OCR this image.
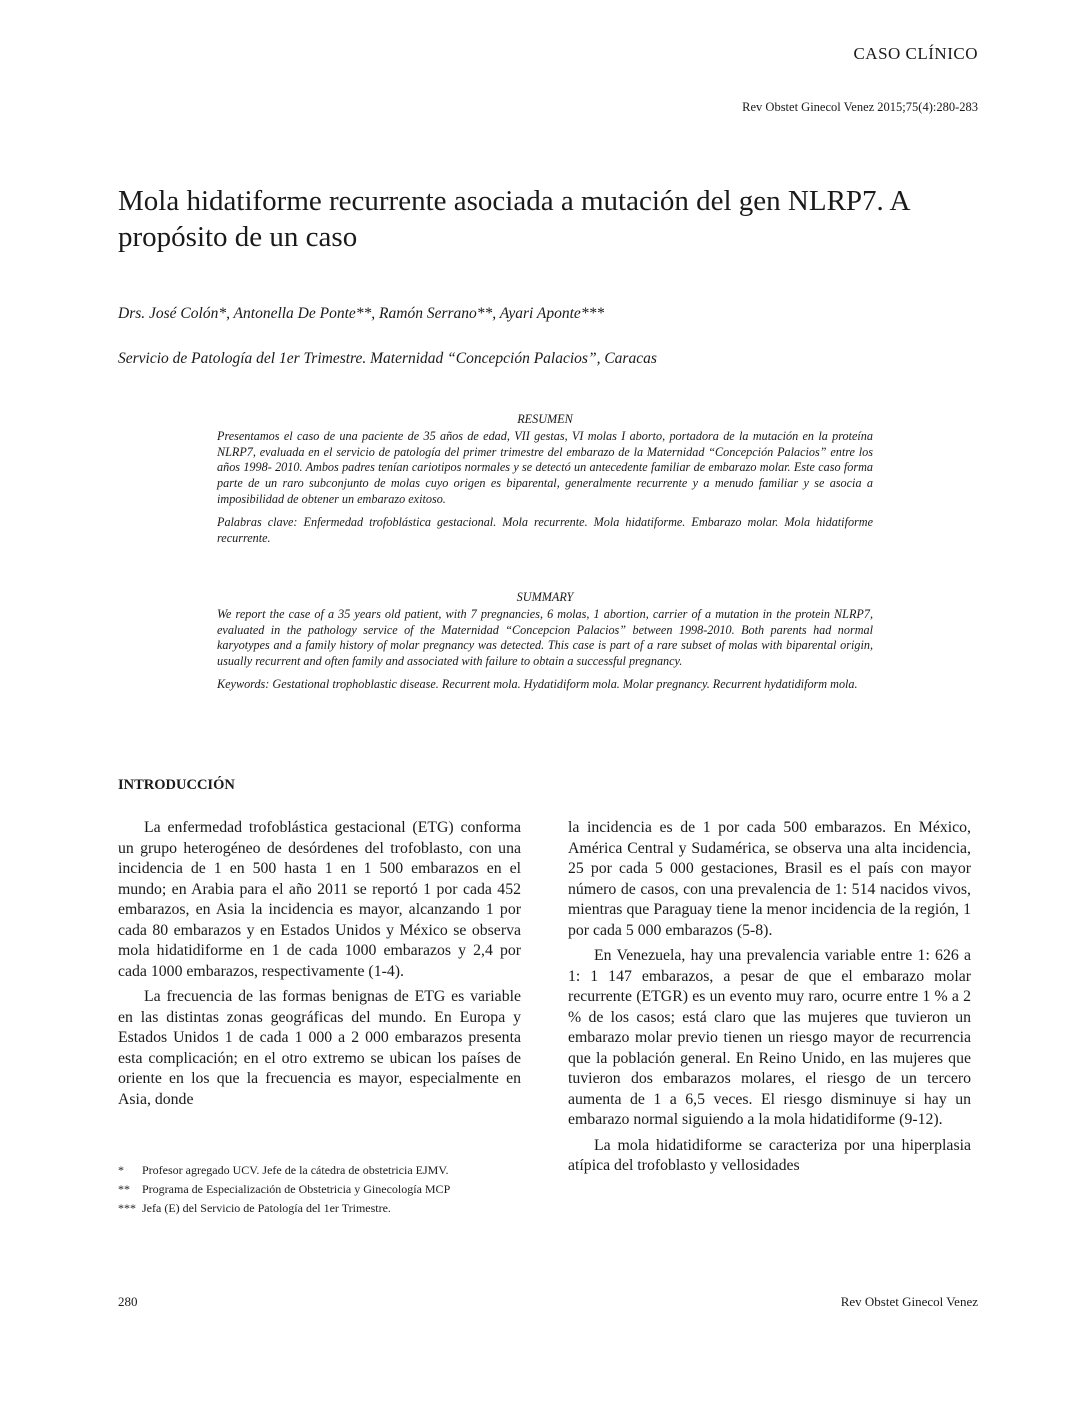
CASO CLÍNICO
Rev Obstet Ginecol Venez 2015;75(4):280-283
Mola hidatiforme recurrente asociada a mutación del gen NLRP7. A propósito de un caso
Drs. José Colón*, Antonella De Ponte**, Ramón Serrano**, Ayari Aponte***
Servicio de Patología del 1er Trimestre. Maternidad “Concepción Palacios”, Caracas
RESUMEN

Presentamos el caso de una paciente de 35 años de edad, VII gestas, VI molas I aborto, portadora de la mutación en la proteína NLRP7, evaluada en el servicio de patología del primer trimestre del embarazo de la Maternidad “Concepción Palacios” entre los años 1998- 2010. Ambos padres tenían cariotipos normales y se detectó un antecedente familiar de embarazo molar. Este caso forma parte de un raro subconjunto de molas cuyo origen es biparental, generalmente recurrente y a menudo familiar y se asocia a imposibilidad de obtener un embarazo exitoso.

Palabras clave: Enfermedad trofoblástica gestacional. Mola recurrente. Mola hidatiforme. Embarazo molar. Mola hidatiforme recurrente.

SUMMARY

We report the case of a 35 years old patient, with 7 pregnancies, 6 molas, 1 abortion, carrier of a mutation in the protein NLRP7, evaluated in the pathology service of the Maternidad “Concepcion Palacios” between 1998-2010. Both parents had normal karyotypes and a family history of molar pregnancy was detected. This case is part of a rare subset of molas with biparental origin, usually recurrent and often family and associated with failure to obtain a successful pregnancy.

Keywords: Gestational trophoblastic disease. Recurrent mola. Hydatidiform mola. Molar pregnancy. Recurrent hydatidiform mola.

INTRODUCCIÓN

La enfermedad trofoblástica gestacional (ETG) conforma un grupo heterogéneo de desórdenes del trofoblasto, con una incidencia de 1 en 500 hasta 1 en 1 500 embarazos en el mundo; en Arabia para el año 2011 se reportó 1 por cada 452 embarazos, en Asia la incidencia es mayor, alcanzando 1 por cada 80 embarazos y en Estados Unidos y México se observa mola hidatidiforme en 1 de cada 1000 embarazos y 2,4 por cada 1000 embarazos, respectivamente (1-4).

La frecuencia de las formas benignas de ETG es variable en las distintas zonas geográficas del mundo. En Europa y Estados Unidos 1 de cada 1 000 a 2 000 embarazos presenta esta complicación; en el otro extremo se ubican los países de oriente en los que la frecuencia es mayor, especialmente en Asia, donde

la incidencia es de 1 por cada 500 embarazos. En México, América Central y Sudamérica, se observa una alta incidencia, 25 por cada 5 000 gestaciones, Brasil es el país con mayor número de casos, con una prevalencia de 1: 514 nacidos vivos, mientras que Paraguay tiene la menor incidencia de la región, 1 por cada 5 000 embarazos (5-8).

En Venezuela, hay una prevalencia variable entre 1: 626 a 1: 1 147 embarazos, a pesar de que el embarazo molar recurrente (ETGR) es un evento muy raro, ocurre entre 1 % a 2 % de los casos; está claro que las mujeres que tuvieron un embarazo molar previo tienen un riesgo mayor de recurrencia que la población general. En Reino Unido, en las mujeres que tuvieron dos embarazos molares, el riesgo de un tercero aumenta de 1 a 6,5 veces. El riesgo disminuye si hay un embarazo normal siguiendo a la mola hidatidiforme (9-12).

La mola hidatidiforme se caracteriza por una hiperplasia atípica del trofoblasto y vellosidades

*	Profesor agregado UCV. Jefe de la cátedra de obstetricia EJMV.
**	Programa de Especialización de Obstetricia y Ginecología MCP
*** Jefa (E) del Servicio de Patología del 1er Trimestre.
280	Rev Obstet Ginecol Venez
